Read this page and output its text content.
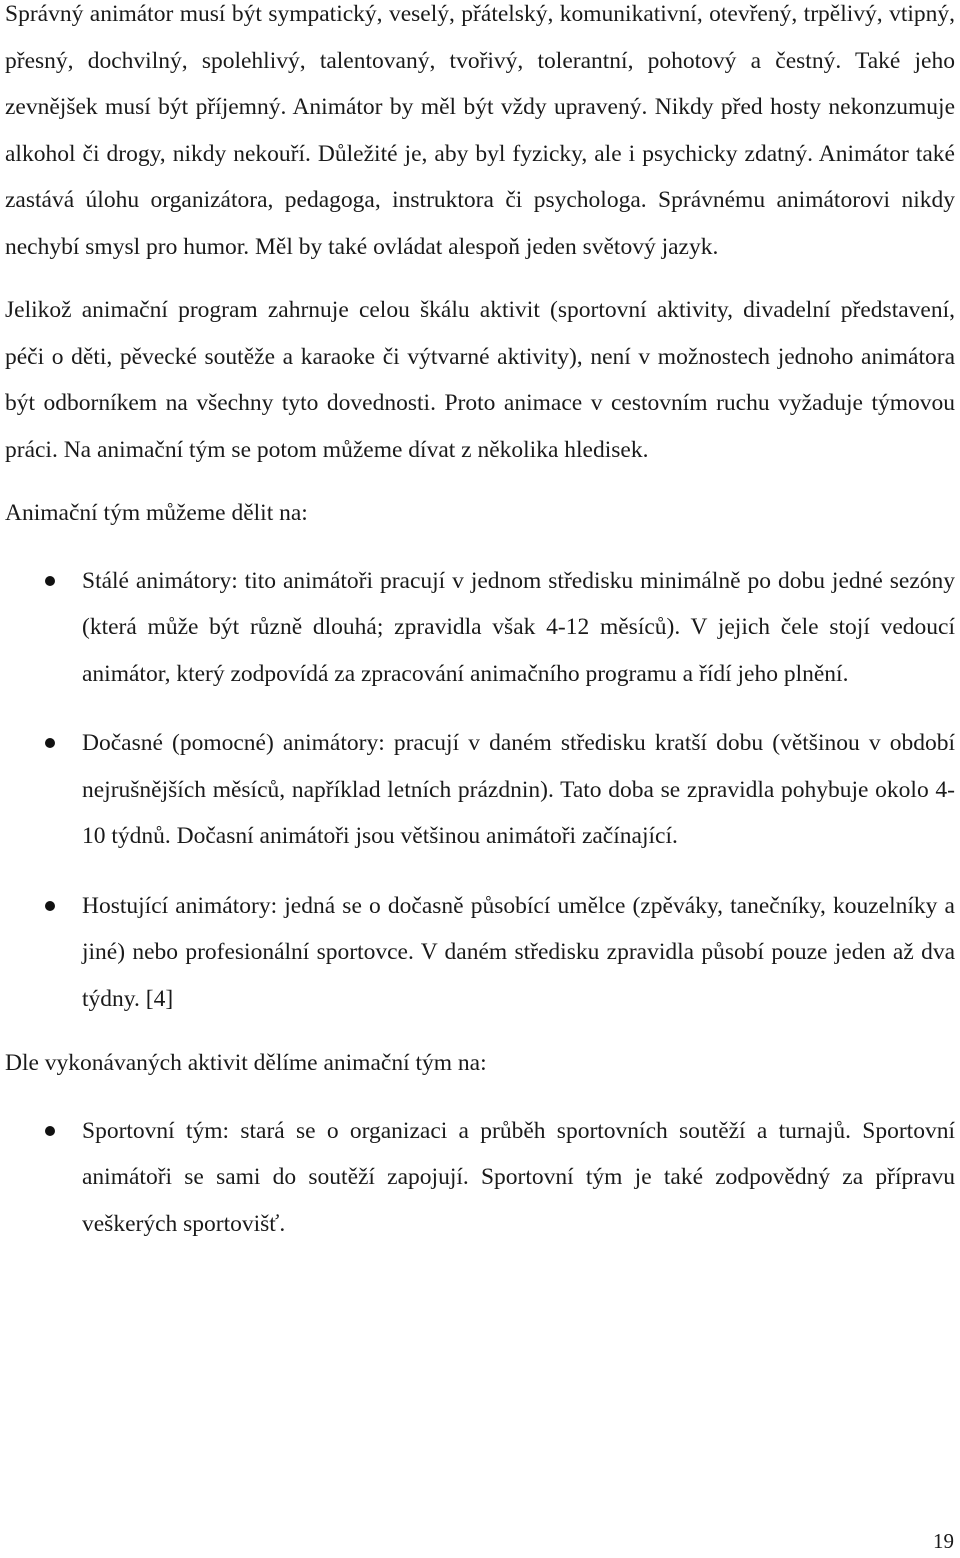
Správný animátor musí být sympatický, veselý, přátelský, komunikativní, otevřený, trpělivý, vtipný, přesný, dochvilný, spolehlivý, talentovaný, tvořivý, tolerantní, pohotový a čestný. Také jeho zevnějšek musí být příjemný. Animátor by měl být vždy upravený. Nikdy před hosty nekonzumuje alkohol či drogy, nikdy nekouří. Důležité je, aby byl fyzicky, ale i psychicky zdatný. Animátor také zastává úlohu organizátora, pedagoga, instruktora či psychologa. Správnému animátorovi nikdy nechybí smysl pro humor. Měl by také ovládat alespoň jeden světový jazyk.

Jelikož animační program zahrnuje celou škálu aktivit (sportovní aktivity, divadelní představení, péči o děti, pěvecké soutěže a karaoke či výtvarné aktivity), není v možnostech jednoho animátora být odborníkem na všechny tyto dovednosti. Proto animace v cestovním ruchu vyžaduje týmovou práci. Na animační tým se potom můžeme dívat z několika hledisek.

Animační tým můžeme dělit na:

Stálé animátory: tito animátoři pracují v jednom středisku minimálně po dobu jedné sezóny (která může být různě dlouhá; zpravidla však 4-12 měsíců). V jejich čele stojí vedoucí animátor, který zodpovídá za zpracování animačního programu a řídí jeho plnění.

Dočasné (pomocné) animátory: pracují v daném středisku kratší dobu (většinou v období nejrušnějších měsíců, například letních prázdnin). Tato doba se zpravidla pohybuje okolo 4-10 týdnů. Dočasní animátoři jsou většinou animátoři začínající.

Hostující animátory: jedná se o dočasně působící umělce (zpěváky, tanečníky, kouzelníky a jiné) nebo profesionální sportovce. V daném středisku zpravidla působí pouze jeden až dva týdny. [4]

Dle vykonávaných aktivit dělíme animační tým na:

Sportovní tým: stará se o organizaci a průběh sportovních soutěží a turnajů. Sportovní animátoři se sami do soutěží zapojují. Sportovní tým je také zodpovědný za přípravu veškerých sportovišť.

19
